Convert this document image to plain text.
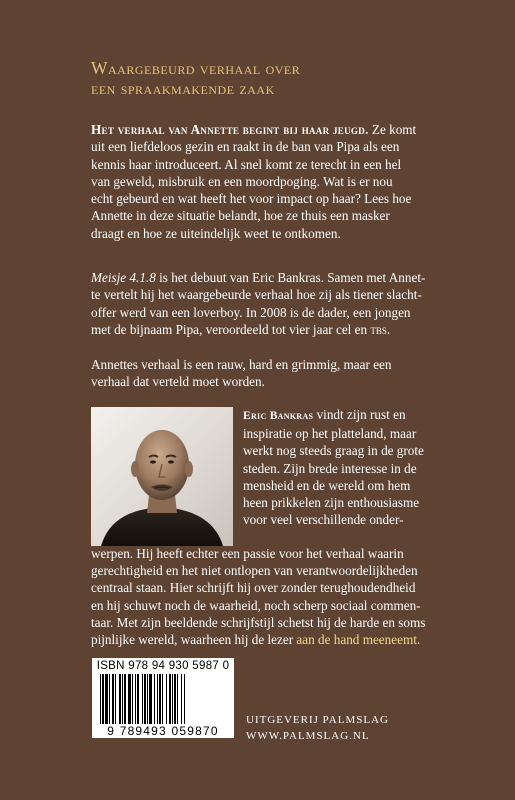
Waargebeurd verhaal over
een spraakmakende zaak
Het verhaal van Annette begint bij haar jeugd. Ze komt
uit een liefdeloos gezin en raakt in de ban van Pipa als een
kennis haar introduceert. Al snel komt ze terecht in een hel
van geweld, misbruik en een moordpoging. Wat is er nou
echt gebeurd en wat heeft het voor impact op haar? Lees hoe
Annette in deze situatie belandt, hoe ze thuis een masker
draagt en hoe ze uiteindelijk weet te ontkomen.
Meisje 4.1.8 is het debuut van Eric Bankras. Samen met Annet-
te vertelt hij het waargebeurde verhaal hoe zij als tiener slacht-
offer werd van een loverboy. In 2008 is de dader, een jongen
met de bijnaam Pipa, veroordeeld tot vier jaar cel en tbs.
Annettes verhaal is een rauw, hard en grimmig, maar een
verhaal dat verteld moet worden.
Eric Bankras vindt zijn rust en
inspiratie op het platteland, maar
werkt nog steeds graag in de grote
steden. Zijn brede interesse in de
mensheid en de wereld om hem
heen prikkelen zijn enthousiasme
voor veel verschillende onder-
werpen. Hij heeft echter een passie voor het verhaal waarin
gerechtigheid en het niet ontlopen van verantwoordelijkheden
centraal staan. Hier schrijft hij over zonder terughoudendheid
en hij schuwt noch de waarheid, noch scherp sociaal commen-
taar. Met zijn beeldende schrijfstijl schetst hij de harde en soms
pijnlijke wereld, waarheen hij de lezer aan de hand meeneemt.
ISBN 978 94 930 5987 0
9 789493 059870
UITGEVERIJ PALMSLAG
WWW.PALMSLAG.NL
